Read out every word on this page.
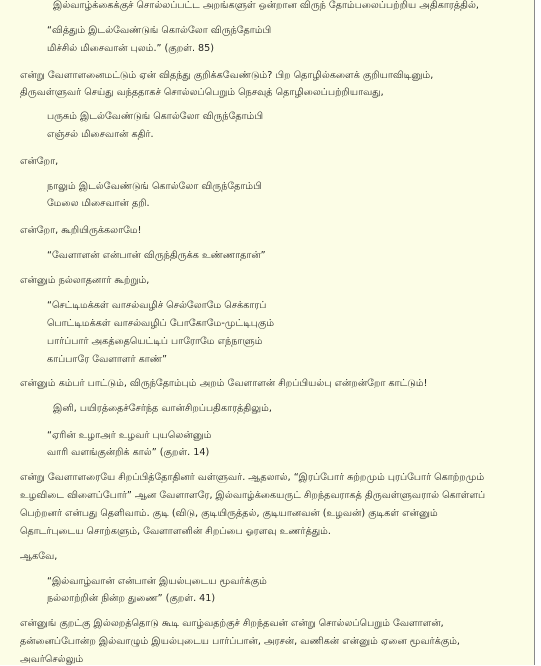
இல்வாழ்க்கைக்குச் சொல்லப்பட்ட அறங்களுள் ஒன்றான விருந் தோம்பலைப்பற்றிய அதிகாரத்தில்,
“வித்தும் இடல்வேண்டுங் கொல்லோ விருந்தோம்பி
மிச்சில் மிசைவான் புலம்.” (குறள். 85)
என்று வேளாளனைமட்டும் ஏன் விதந்து குறிக்கவேண்டும்? பிற தொழில்களைக் குறியாவிடினும்,
திருவள்ளுவர் செய்து வந்ததாகச் சொல்லப்பெறும் நெசவுத் தொழிலைப்பற்றியாவது,
பருசும் இடல்வேண்டுங் கொல்லோ விருந்தோம்பி
எஞ்சல் மிசைவான் கதிர்.
என்றோ,
நாலும் இடல்வேண்டுங் கொல்லோ விருந்தோம்பி
மேலை மிசைவான் தறி.
என்றோ, கூறியிருக்கலாமே!
“வேளாளன் என்பான் விருந்திருக்க உண்ணாதான்”
என்னும் நல்லாதனார் கூற்றும்,
“செட்டிமக்கள் வாசல்வழிச் செல்லோமே செக்காரப்
பொட்டிமக்கள் வாசல்வழிப் போகோமே-முட்டிபுகும்
பார்ப்பார் அகத்தையெட்டிப் பாரோமே எந்நாளும்
காப்பாரே வேளாளர் காண்”
என்னும் கம்பர் பாட்டும், விருந்தோம்பும் அறம் வேளாளன் சிறப்பியல்பு என்றன்றோ காட்டும்!
இனி, பயிரத்தைச்சேர்ந்த வான்சிறப்பதிகாரத்திலும்,
“ஏரின் உழாஅர் உழவர் புயலென்னும்
வாரி வளங்குன்றிக் கால்” (குறள். 14)
என்று வேளாளரையே சிறப்பித்தோதினர் வள்ளுவர். ஆதலால், “இரப்போர் சுற்றமும் புரப்போர் கொற்றமும்
உழவிடை விளைப்போர்” ஆன வேளாளரே, இல்வாழ்க்கையருட் சிறந்தவராகத் திருவள்ளுவரால் கொள்ளப்
பெற்றனர் என்பது தெளிவாம். குடி (விடு, குடியிருத்தல், குடியானவன் (உழவன்) குடிகள் என்னும்
தொடர்புடைய சொற்களும், வேளாளனின் சிறப்பை ஓரளவு உணர்த்தும்.
ஆகவே,
“இல்வாழ்வான் என்பான் இயல்புடைய மூவர்க்கும்
நல்லாற்றின் நின்ற துணை” (குறள். 41)
என்னுங் குறட்கு இல்லறத்தொடு கூடி வாழ்வதற்குச் சிறந்தவன் என்று சொல்லப்பெறும் வேளாளன்,
தன்னைப்போன்ற இல்வாழும் இயல்புடைய பார்ப்பான், அரசன், வணிகன் என்னும் ஏனை மூவர்க்கும்,
அவர்செல்லும்
